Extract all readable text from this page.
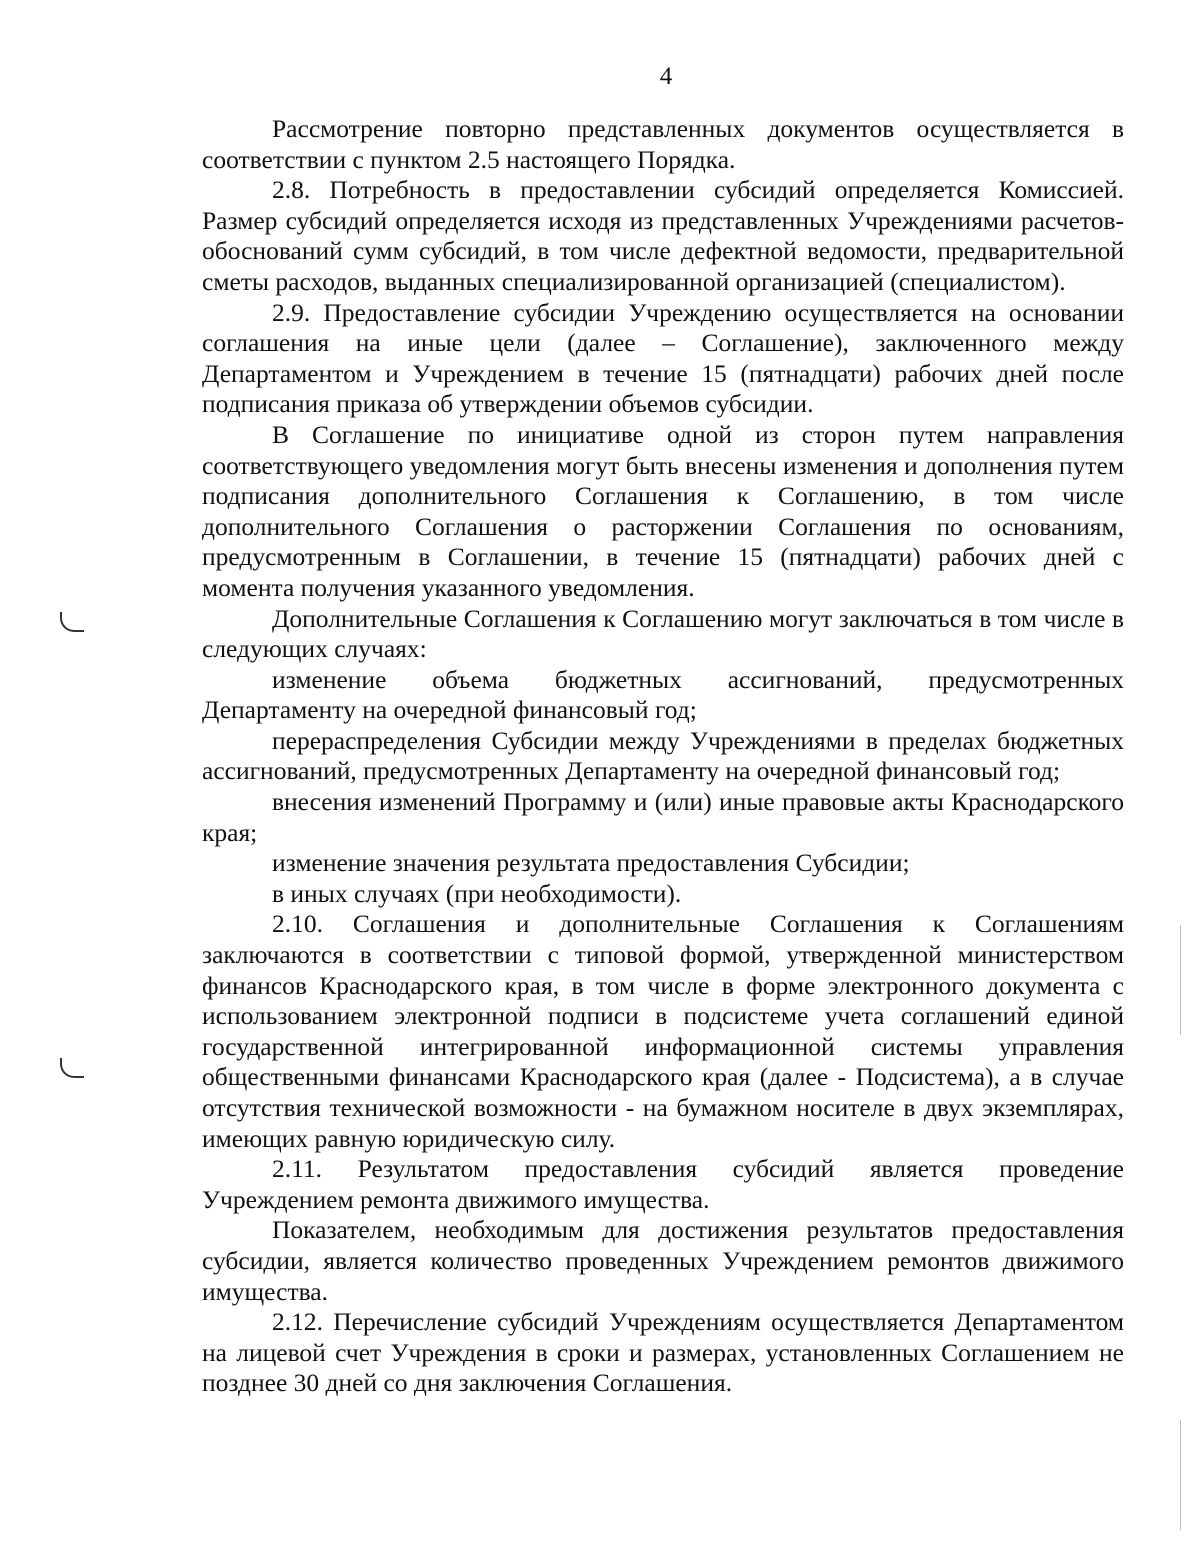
4

Рассмотрение повторно представленных документов осуществляется в соответствии с пунктом 2.5 настоящего Порядка.

2.8. Потребность в предоставлении субсидий определяется Комиссией. Размер субсидий определяется исходя из представленных Учреждениями расчетов-обоснований сумм субсидий, в том числе дефектной ведомости, предварительной сметы расходов, выданных специализированной организацией (специалистом).

2.9. Предоставление субсидии Учреждению осуществляется на основании соглашения на иные цели (далее – Соглашение), заключенного между Департаментом и Учреждением в течение 15 (пятнадцати) рабочих дней после подписания приказа об утверждении объемов субсидии.

В Соглашение по инициативе одной из сторон путем направления соответствующего уведомления могут быть внесены изменения и дополнения путем подписания дополнительного Соглашения к Соглашению, в том числе дополнительного Соглашения о расторжении Соглашения по основаниям, предусмотренным в Соглашении, в течение 15 (пятнадцати) рабочих дней с момента получения указанного уведомления.

Дополнительные Соглашения к Соглашению могут заключаться в том числе в следующих случаях:

изменение объема бюджетных ассигнований, предусмотренных Департаменту на очередной финансовый год;

перераспределения Субсидии между Учреждениями в пределах бюджетных ассигнований, предусмотренных Департаменту на очередной финансовый год;

внесения изменений Программу и (или) иные правовые акты Краснодарского края;

изменение значения результата предоставления Субсидии;

в иных случаях (при необходимости).

2.10. Соглашения и дополнительные Соглашения к Соглашениям заключаются в соответствии с типовой формой, утвержденной министерством финансов Краснодарского края, в том числе в форме электронного документа с использованием электронной подписи в подсистеме учета соглашений единой государственной интегрированной информационной системы управления общественными финансами Краснодарского края (далее - Подсистема), а в случае отсутствия технической возможности - на бумажном носителе в двух экземплярах, имеющих равную юридическую силу.

2.11. Результатом предоставления субсидий является проведение Учреждением ремонта движимого имущества.

Показателем, необходимым для достижения результатов предоставления субсидии, является количество проведенных Учреждением ремонтов движимого имущества.

2.12. Перечисление субсидий Учреждениям осуществляется Департаментом на лицевой счет Учреждения в сроки и размерах, установленных Соглашением не позднее 30 дней со дня заключения Соглашения.
